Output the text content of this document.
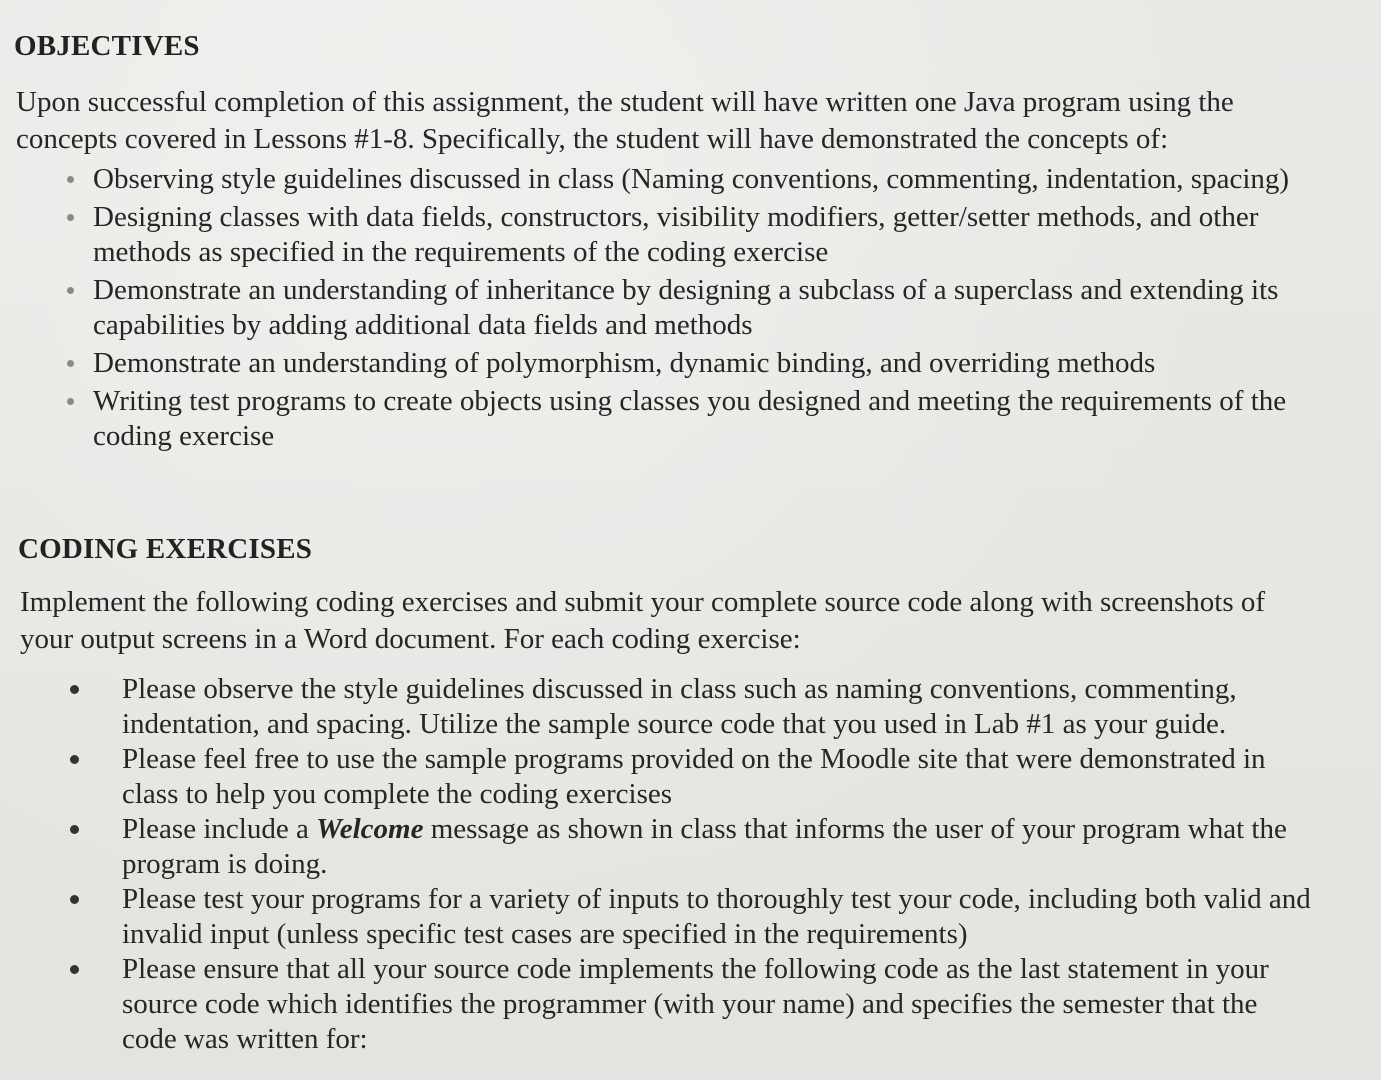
OBJECTIVES

Upon successful completion of this assignment, the student will have written one Java program using the concepts covered in Lessons #1-8. Specifically, the student will have demonstrated the concepts of:

Observing style guidelines discussed in class (Naming conventions, commenting, indentation, spacing)
Designing classes with data fields, constructors, visibility modifiers, getter/setter methods, and other methods as specified in the requirements of the coding exercise
Demonstrate an understanding of inheritance by designing a subclass of a superclass and extending its capabilities by adding additional data fields and methods
Demonstrate an understanding of polymorphism, dynamic binding, and overriding methods
Writing test programs to create objects using classes you designed and meeting the requirements of the coding exercise
CODING EXERCISES

Implement the following coding exercises and submit your complete source code along with screenshots of your output screens in a Word document. For each coding exercise:

Please observe the style guidelines discussed in class such as naming conventions, commenting, indentation, and spacing. Utilize the sample source code that you used in Lab #1 as your guide.
Please feel free to use the sample programs provided on the Moodle site that were demonstrated in class to help you complete the coding exercises
Please include a Welcome message as shown in class that informs the user of your program what the program is doing.
Please test your programs for a variety of inputs to thoroughly test your code, including both valid and invalid input (unless specific test cases are specified in the requirements)
Please ensure that all your source code implements the following code as the last statement in your source code which identifies the programmer (with your name) and specifies the semester that the code was written for:
